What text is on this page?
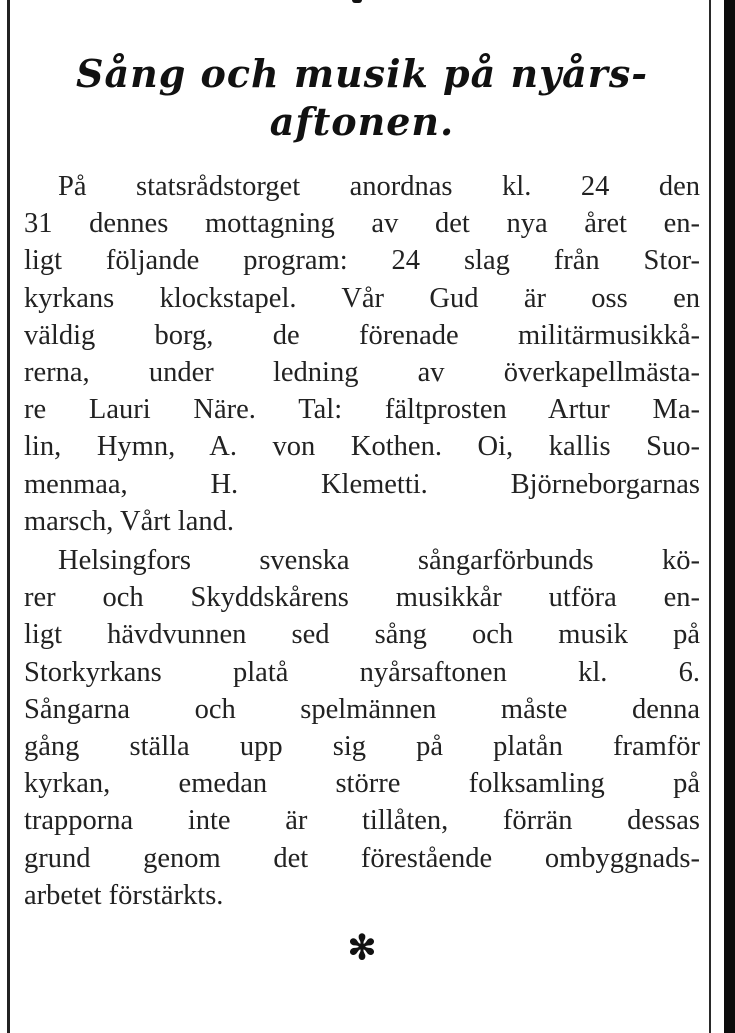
Sång och musik på nyårs-
aftonen.
På statsrådstorget anordnas kl. 24 den
31 dennes mottagning av det nya året en-
ligt följande program: 24 slag från Stor-
kyrkans klockstapel. Vår Gud är oss en
väldig borg, de förenade militärmusikkå-
rerna, under ledning av överkapellmästa-
re Lauri Näre. Tal: fältprosten Artur Ma-
lin, Hymn, A. von Kothen. Oi, kallis Suo-
menmaa, H. Klemetti. Björneborgarnas
marsch, Vårt land.
Helsingfors svenska sångarförbunds kö-
rer och Skyddskårens musikkår utföra en-
ligt hävdvunnen sed sång och musik på
Storkyrkans platå nyårsaftonen kl. 6.
Sångarna och spelmännen måste denna
gång ställa upp sig på platån framför
kyrkan, emedan större folksamling på
trapporna inte är tillåten, förrän dessas
grund genom det förestående ombyggnads-
arbetet förstärkts.
✻
